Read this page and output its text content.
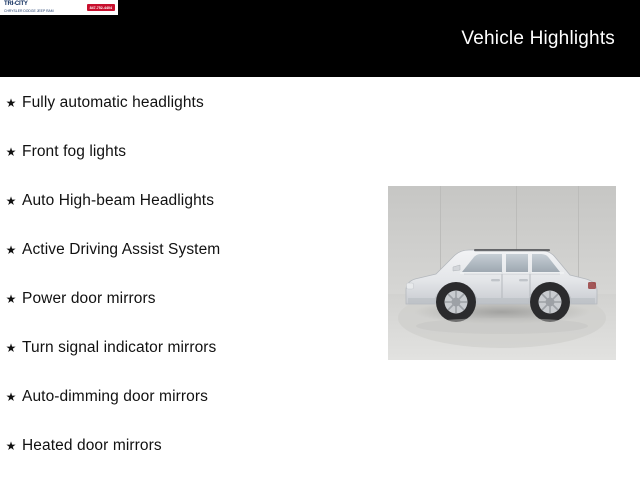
TRI-CITY
CHRYSLER DODGE JEEP RAM
847-752-4404
Vehicle Highlights
★ Fully automatic headlights
★ Front fog lights
★ Auto High-beam Headlights
★ Active Driving Assist System
★ Power door mirrors
★ Turn signal indicator mirrors
★ Auto-dimming door mirrors
★ Heated door mirrors
